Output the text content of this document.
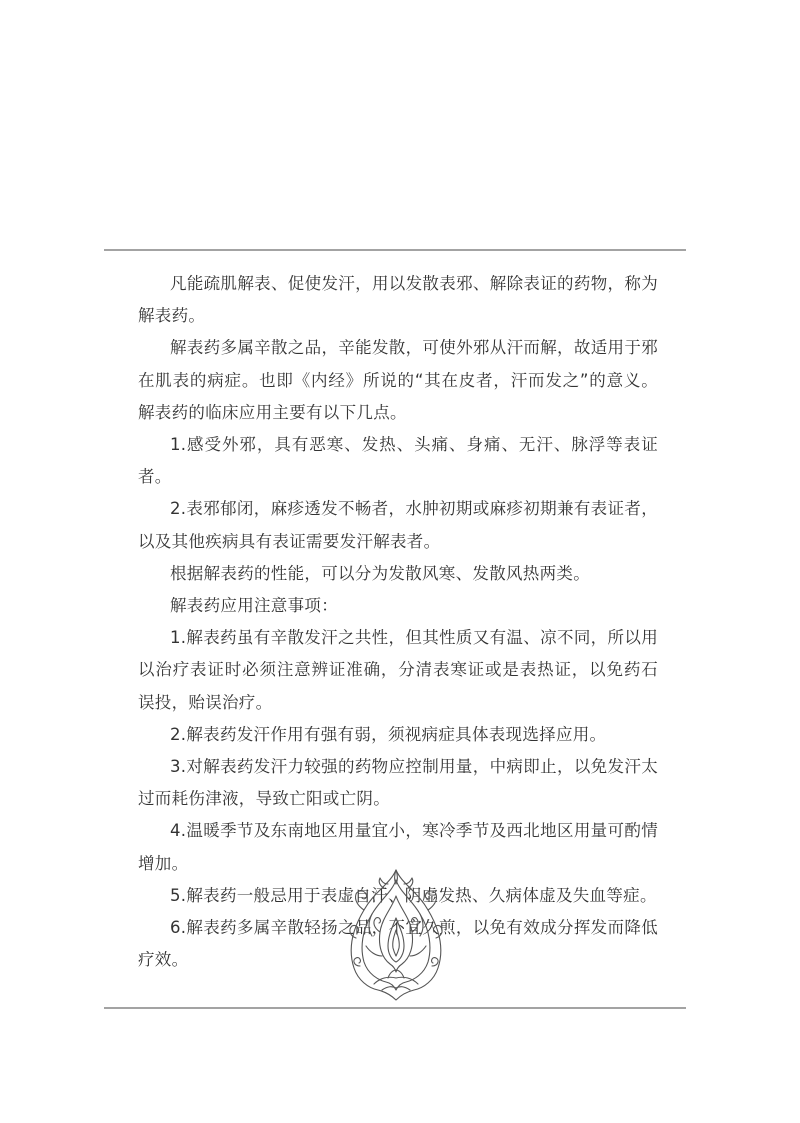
凡能疏肌解表、促使发汗，用以发散表邪、解除表证的药物，称为解表药。

解表药多属辛散之品，辛能发散，可使外邪从汗而解，故适用于邪在肌表的病症。也即《内经》所说的“其在皮者，汗而发之”的意义。解表药的临床应用主要有以下几点。

1.感受外邪，具有恶寒、发热、头痛、身痛、无汗、脉浮等表证者。

2.表邪郁闭，麻疹透发不畅者，水肿初期或麻疹初期兼有表证者，以及其他疾病具有表证需要发汗解表者。

根据解表药的性能，可以分为发散风寒、发散风热两类。

解表药应用注意事项：

1.解表药虽有辛散发汗之共性，但其性质又有温、凉不同，所以用以治疗表证时必须注意辨证准确，分清表寒证或是表热证，以免药石误投，贻误治疗。

2.解表药发汗作用有强有弱，须视病症具体表现选择应用。

3.对解表药发汗力较强的药物应控制用量，中病即止，以免发汗太过而耗伤津液，导致亡阳或亡阴。

4.温暖季节及东南地区用量宜小，寒冷季节及西北地区用量可酌情增加。

5.解表药一般忌用于表虚自汗、阴虚发热、久病体虚及失血等症。

6.解表药多属辛散轻扬之品，不宜久煎，以免有效成分挥发而降低疗效。
